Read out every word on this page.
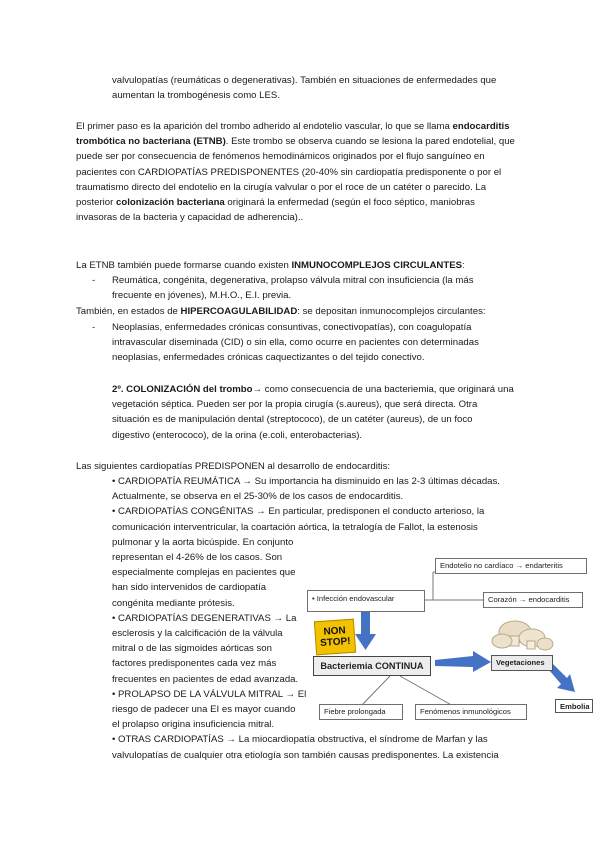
valvulopatías (reumáticas o degenerativas). También en situaciones de enfermedades que
aumentan la trombogénesis como LES.
El primer paso es la aparición del trombo adherido al endotelio vascular, lo que se llama endocarditis
trombótica no bacteriana (ETNB). Este trombo se observa cuando se lesiona la pared endotelial, que
puede ser por consecuencia de fenómenos hemodinámicos originados por el flujo sanguíneo en
pacientes con CARDIOPATÍAS PREDISPONENTES (20-40% sin cardiopatía predisponente o por el
traumatismo directo del endotelio en la cirugía valvular o por el roce de un catéter o parecido. La
posterior colonización bacteriana originará la enfermedad (según el foco séptico, maniobras
invasoras de la bacteria y capacidad de adherencia)..
La ETNB también puede formarse cuando existen INMUNOCOMPLEJOS CIRCULANTES:
- Reumática, congénita, degenerativa, prolapso válvula mitral con insuficiencia (la más
frecuente en jóvenes), M.H.O., E.I. previa.
También, en estados de HIPERCOAGULABILIDAD: se depositan inmunocomplejos circulantes:
- Neoplasias, enfermedades crónicas consuntivas, conectivopatías), con coagulopatía
intravascular diseminada (CID) o sin ella, como ocurre en pacientes con determinadas
neoplasias, enfermedades crónicas caquectizantes o del tejido conectivo.
2º. COLONIZACIÓN del trombo→ como consecuencia de una bacteriemia, que originará una
vegetación séptica. Pueden ser por la propia cirugía (s.aureus), que será directa. Otra
situación es de manipulación dental (streptococo), de un catéter (aureus), de un foco
digestivo (enterococo), de la orina (e.coli, enterobacterias).
Las siguientes cardiopatías PREDISPONEN al desarrollo de endocarditis:
• CARDIOPATÍA REUMÁTICA → Su importancia ha disminuido en las 2-3 últimas décadas.
Actualmente, se observa en el 25-30% de los casos de endocarditis.
• CARDIOPATÍAS CONGÉNITAS → En particular, predisponen el conducto arterioso, la
comunicación interventricular, la coartación aórtica, la tetralogía de Fallot, la estenosis
pulmonar y la aorta bicúspide. En conjunto
representan el 4-26% de los casos. Son
especialmente complejas en pacientes que
han sido intervenidos de cardiopatía
congénita mediante prótesis.
• CARDIOPATÍAS DEGENERATIVAS → La
esclerosis y la calcificación de la válvula
mitral o de las sigmoides aórticas son
factores predisponentes cada vez más
frecuentes en pacientes de edad avanzada.
• PROLAPSO DE LA VÁLVULA MITRAL → El
riesgo de padecer una EI es mayor cuando
el prolapso origina insuficiencia mitral.
• OTRAS CARDIOPATÍAS → La miocardiopatía obstructiva, el síndrome de Marfan y las
valvulopatías de cualquier otra etiología son también causas predisponentes. La existencia
Endotelio no cardíaco → endarteritis
• Infección endovascular	Corazón → endocarditis
NON
STOP!
Bacteriemia CONTINUA	Vegetaciones
Embolia
Fiebre prolongada	Fenómenos inmunológicos
